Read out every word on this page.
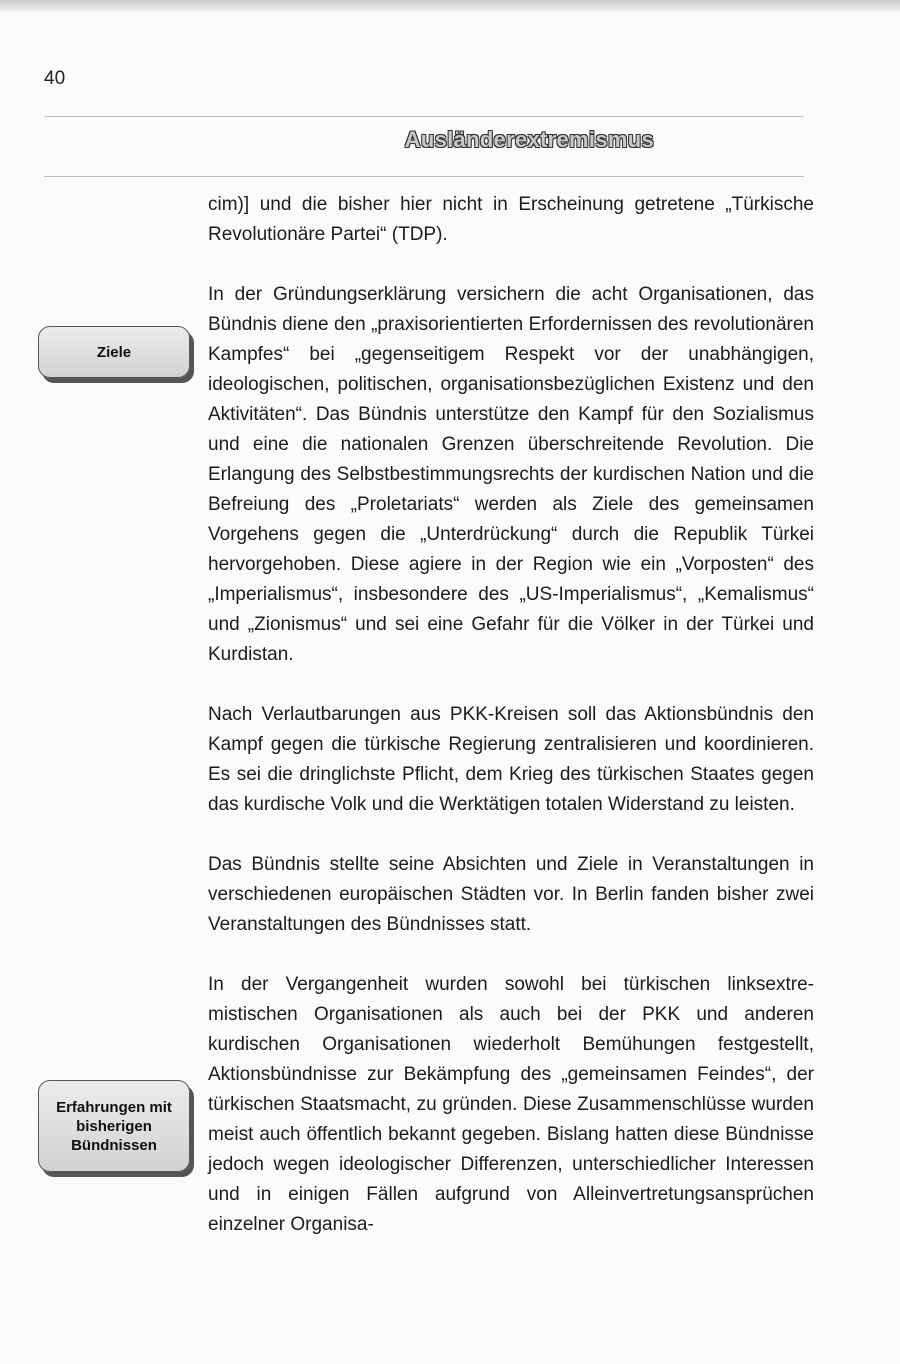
40
Ausländerextremismus
Ziele
Erfahrungen mit bisherigen Bündnissen

cim)] und die bisher hier nicht in Erscheinung getretene „Türkische Revolutionäre Partei“ (TDP).

In der Gründungserklärung versichern die acht Organisationen, das Bündnis diene den „praxisorientierten Erfordernissen des revolutionären Kampfes“ bei „gegenseitigem Respekt vor der unabhängigen, ideologischen, politischen, organisationsbezüglichen Existenz und den Aktivitäten“. Das Bündnis unterstütze den Kampf für den Sozialismus und eine die nationalen Grenzen überschreitende Revolution. Die Erlangung des Selbstbestimmungsrechts der kurdischen Nation und die Befreiung des „Proletariats“ werden als Ziele des gemeinsamen Vorgehens gegen die „Unterdrückung“ durch die Republik Türkei hervorgehoben. Diese agiere in der Region wie ein „Vorposten“ des „Imperialismus“, insbesondere des „US-Imperialismus“, „Kemalismus“ und „Zionismus“ und sei eine Gefahr für die Völker in der Türkei und Kurdistan.

Nach Verlautbarungen aus PKK-Kreisen soll das Aktionsbündnis den Kampf gegen die türkische Regierung zentralisieren und koordinieren. Es sei die dringlichste Pflicht, dem Krieg des türkischen Staates gegen das kurdische Volk und die Werktätigen totalen Widerstand zu leisten.

Das Bündnis stellte seine Absichten und Ziele in Veranstaltungen in verschiedenen europäischen Städten vor. In Berlin fanden bisher zwei Veranstaltungen des Bündnisses statt.

In der Vergangenheit wurden sowohl bei türkischen linksextremistischen Organisationen als auch bei der PKK und anderen kurdischen Organisationen wiederholt Bemühungen festgestellt, Aktionsbündnisse zur Bekämpfung des „gemeinsamen Feindes“, der türkischen Staatsmacht, zu gründen. Diese Zusammenschlüsse wurden meist auch öffentlich bekannt gegeben. Bislang hatten diese Bündnisse jedoch wegen ideologischer Differenzen, unterschiedlicher Interessen und in einigen Fällen aufgrund von Alleinvertretungsansprüchen einzelner Organisa-
